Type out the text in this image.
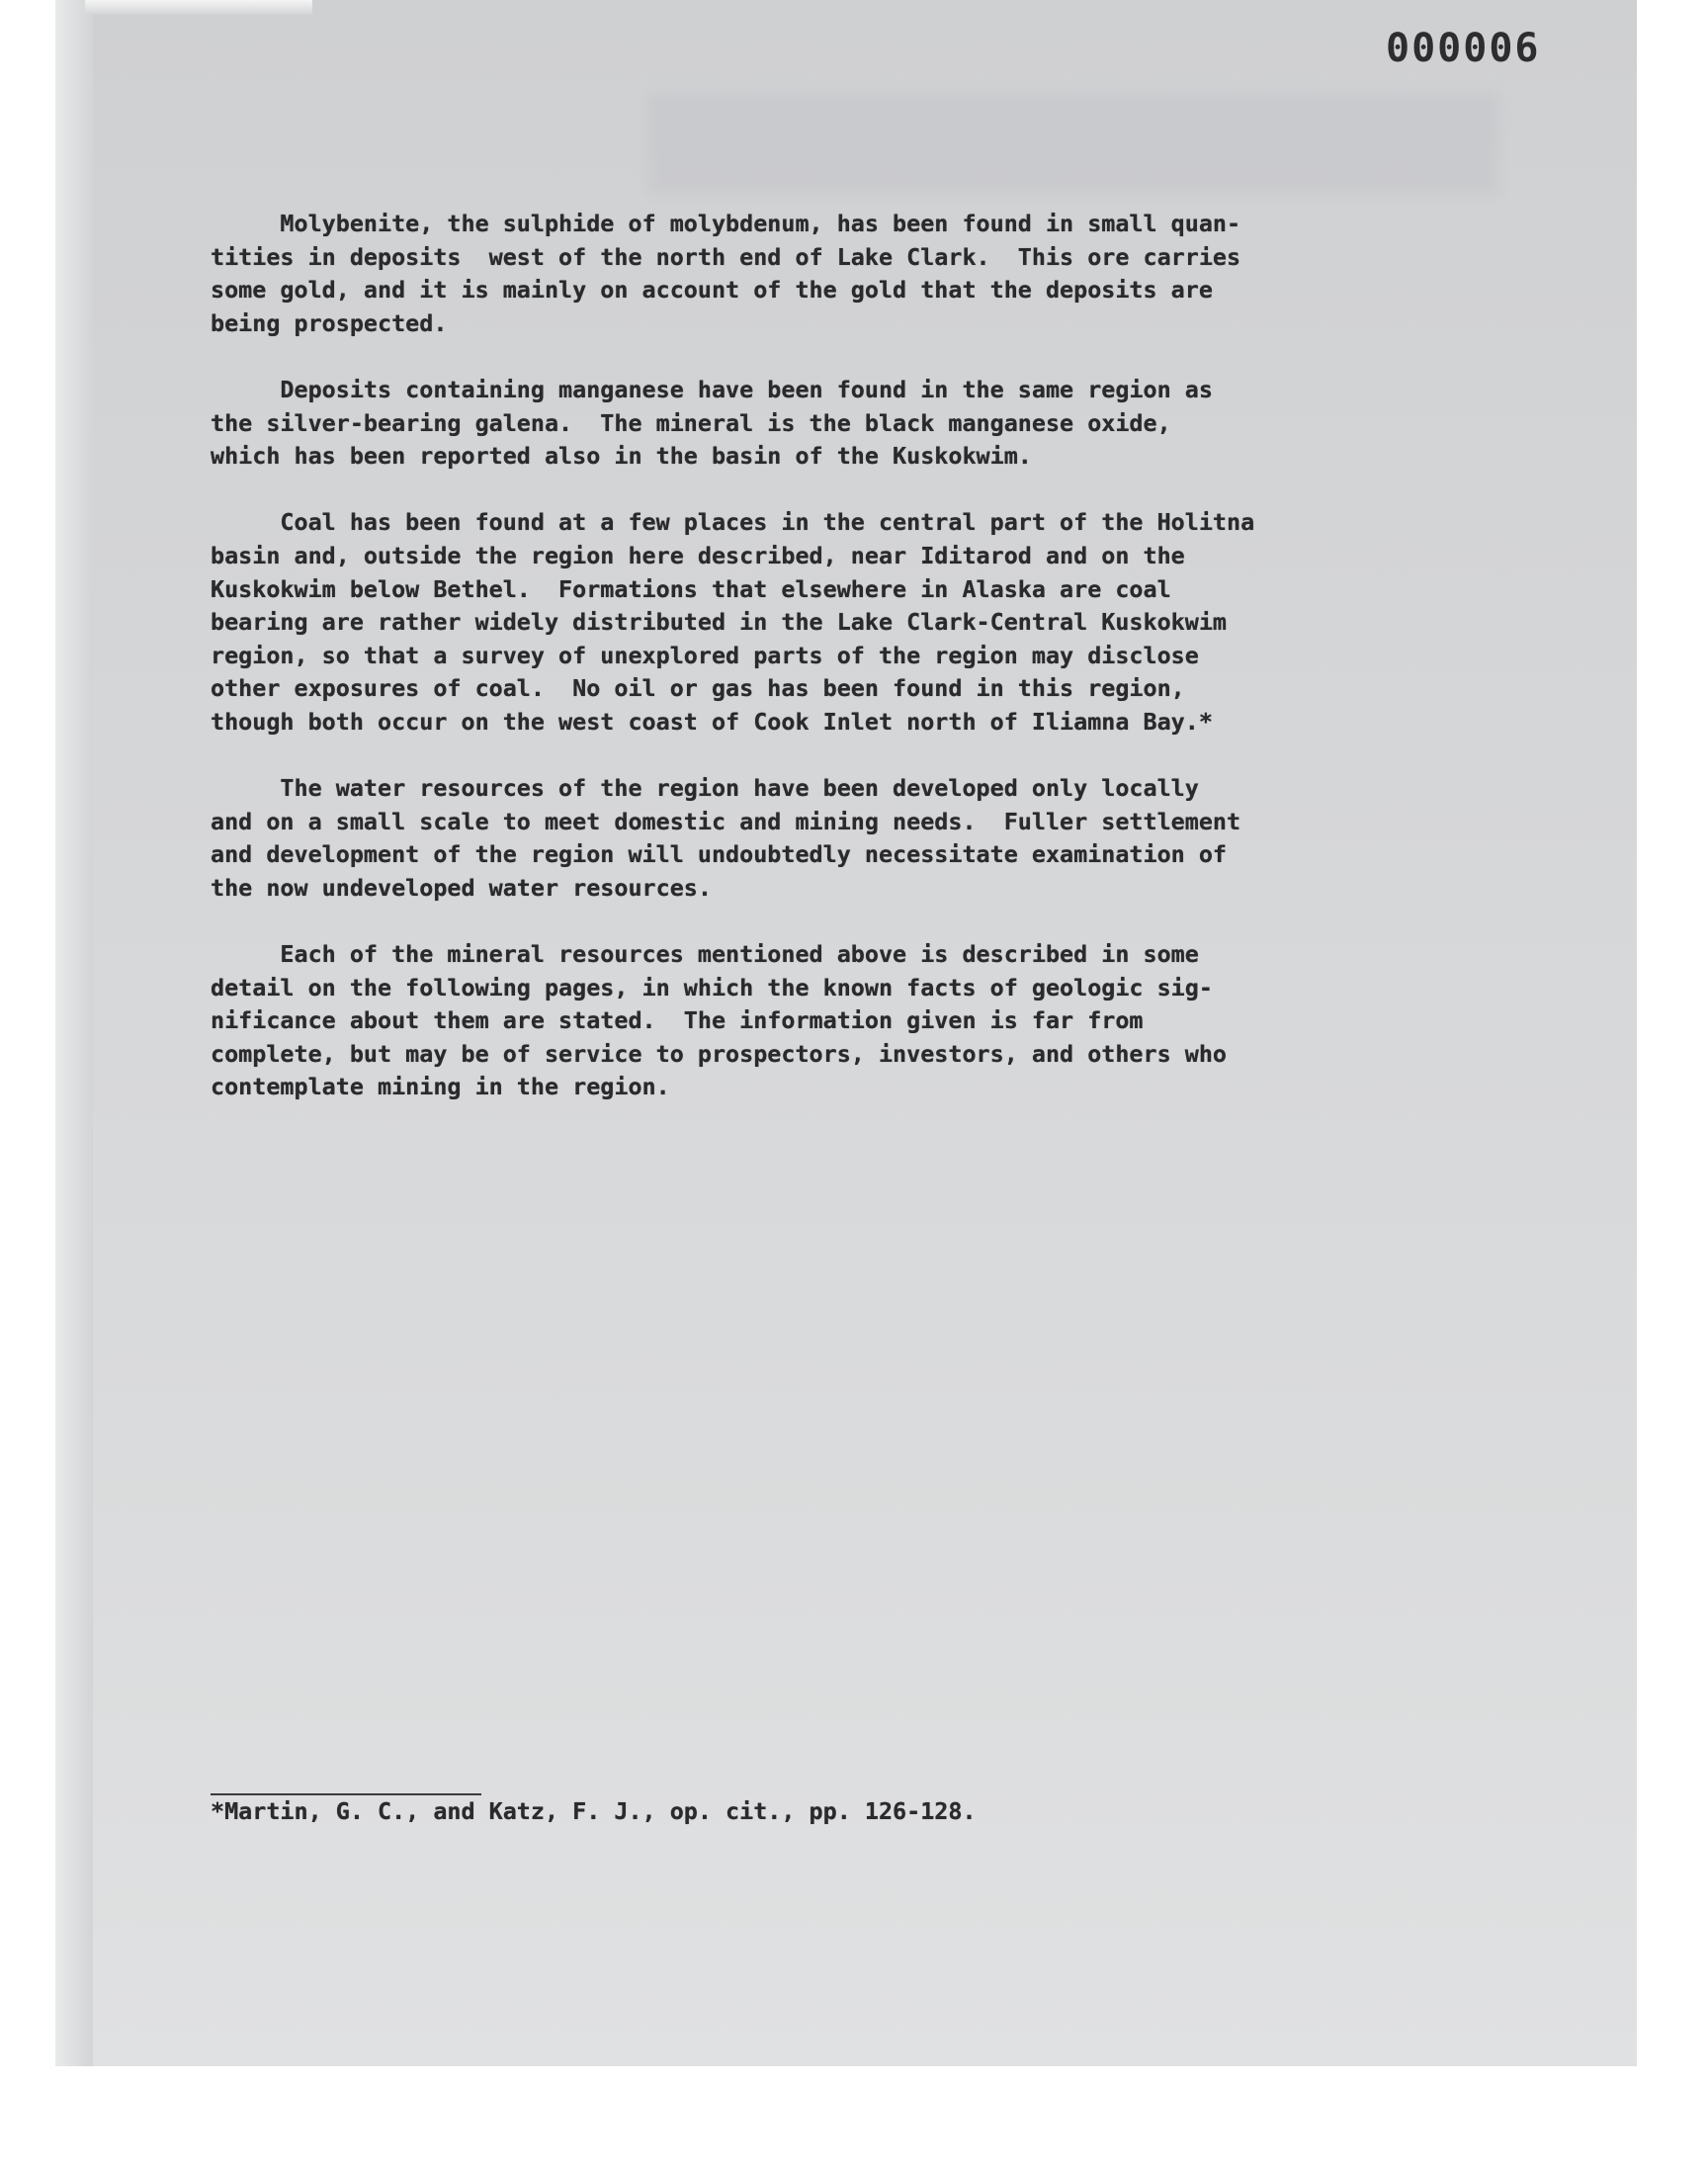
000006

Molybenite, the sulphide of molybdenum, has been found in small quan-
tities in deposits  west of the north end of Lake Clark.  This ore carries
some gold, and it is mainly on account of the gold that the deposits are
being prospected.

Deposits containing manganese have been found in the same region as
the silver-bearing galena.  The mineral is the black manganese oxide,
which has been reported also in the basin of the Kuskokwim.

Coal has been found at a few places in the central part of the Holitna
basin and, outside the region here described, near Iditarod and on the
Kuskokwim below Bethel.  Formations that elsewhere in Alaska are coal
bearing are rather widely distributed in the Lake Clark-Central Kuskokwim
region, so that a survey of unexplored parts of the region may disclose
other exposures of coal.  No oil or gas has been found in this region,
though both occur on the west coast of Cook Inlet north of Iliamna Bay.*

The water resources of the region have been developed only locally
and on a small scale to meet domestic and mining needs.  Fuller settlement
and development of the region will undoubtedly necessitate examination of
the now undeveloped water resources.

Each of the mineral resources mentioned above is described in some
detail on the following pages, in which the known facts of geologic sig-
nificance about them are stated.  The information given is far from
complete, but may be of service to prospectors, investors, and others who
contemplate mining in the region.

*Martin, G. C., and Katz, F. J., op. cit., pp. 126-128.
